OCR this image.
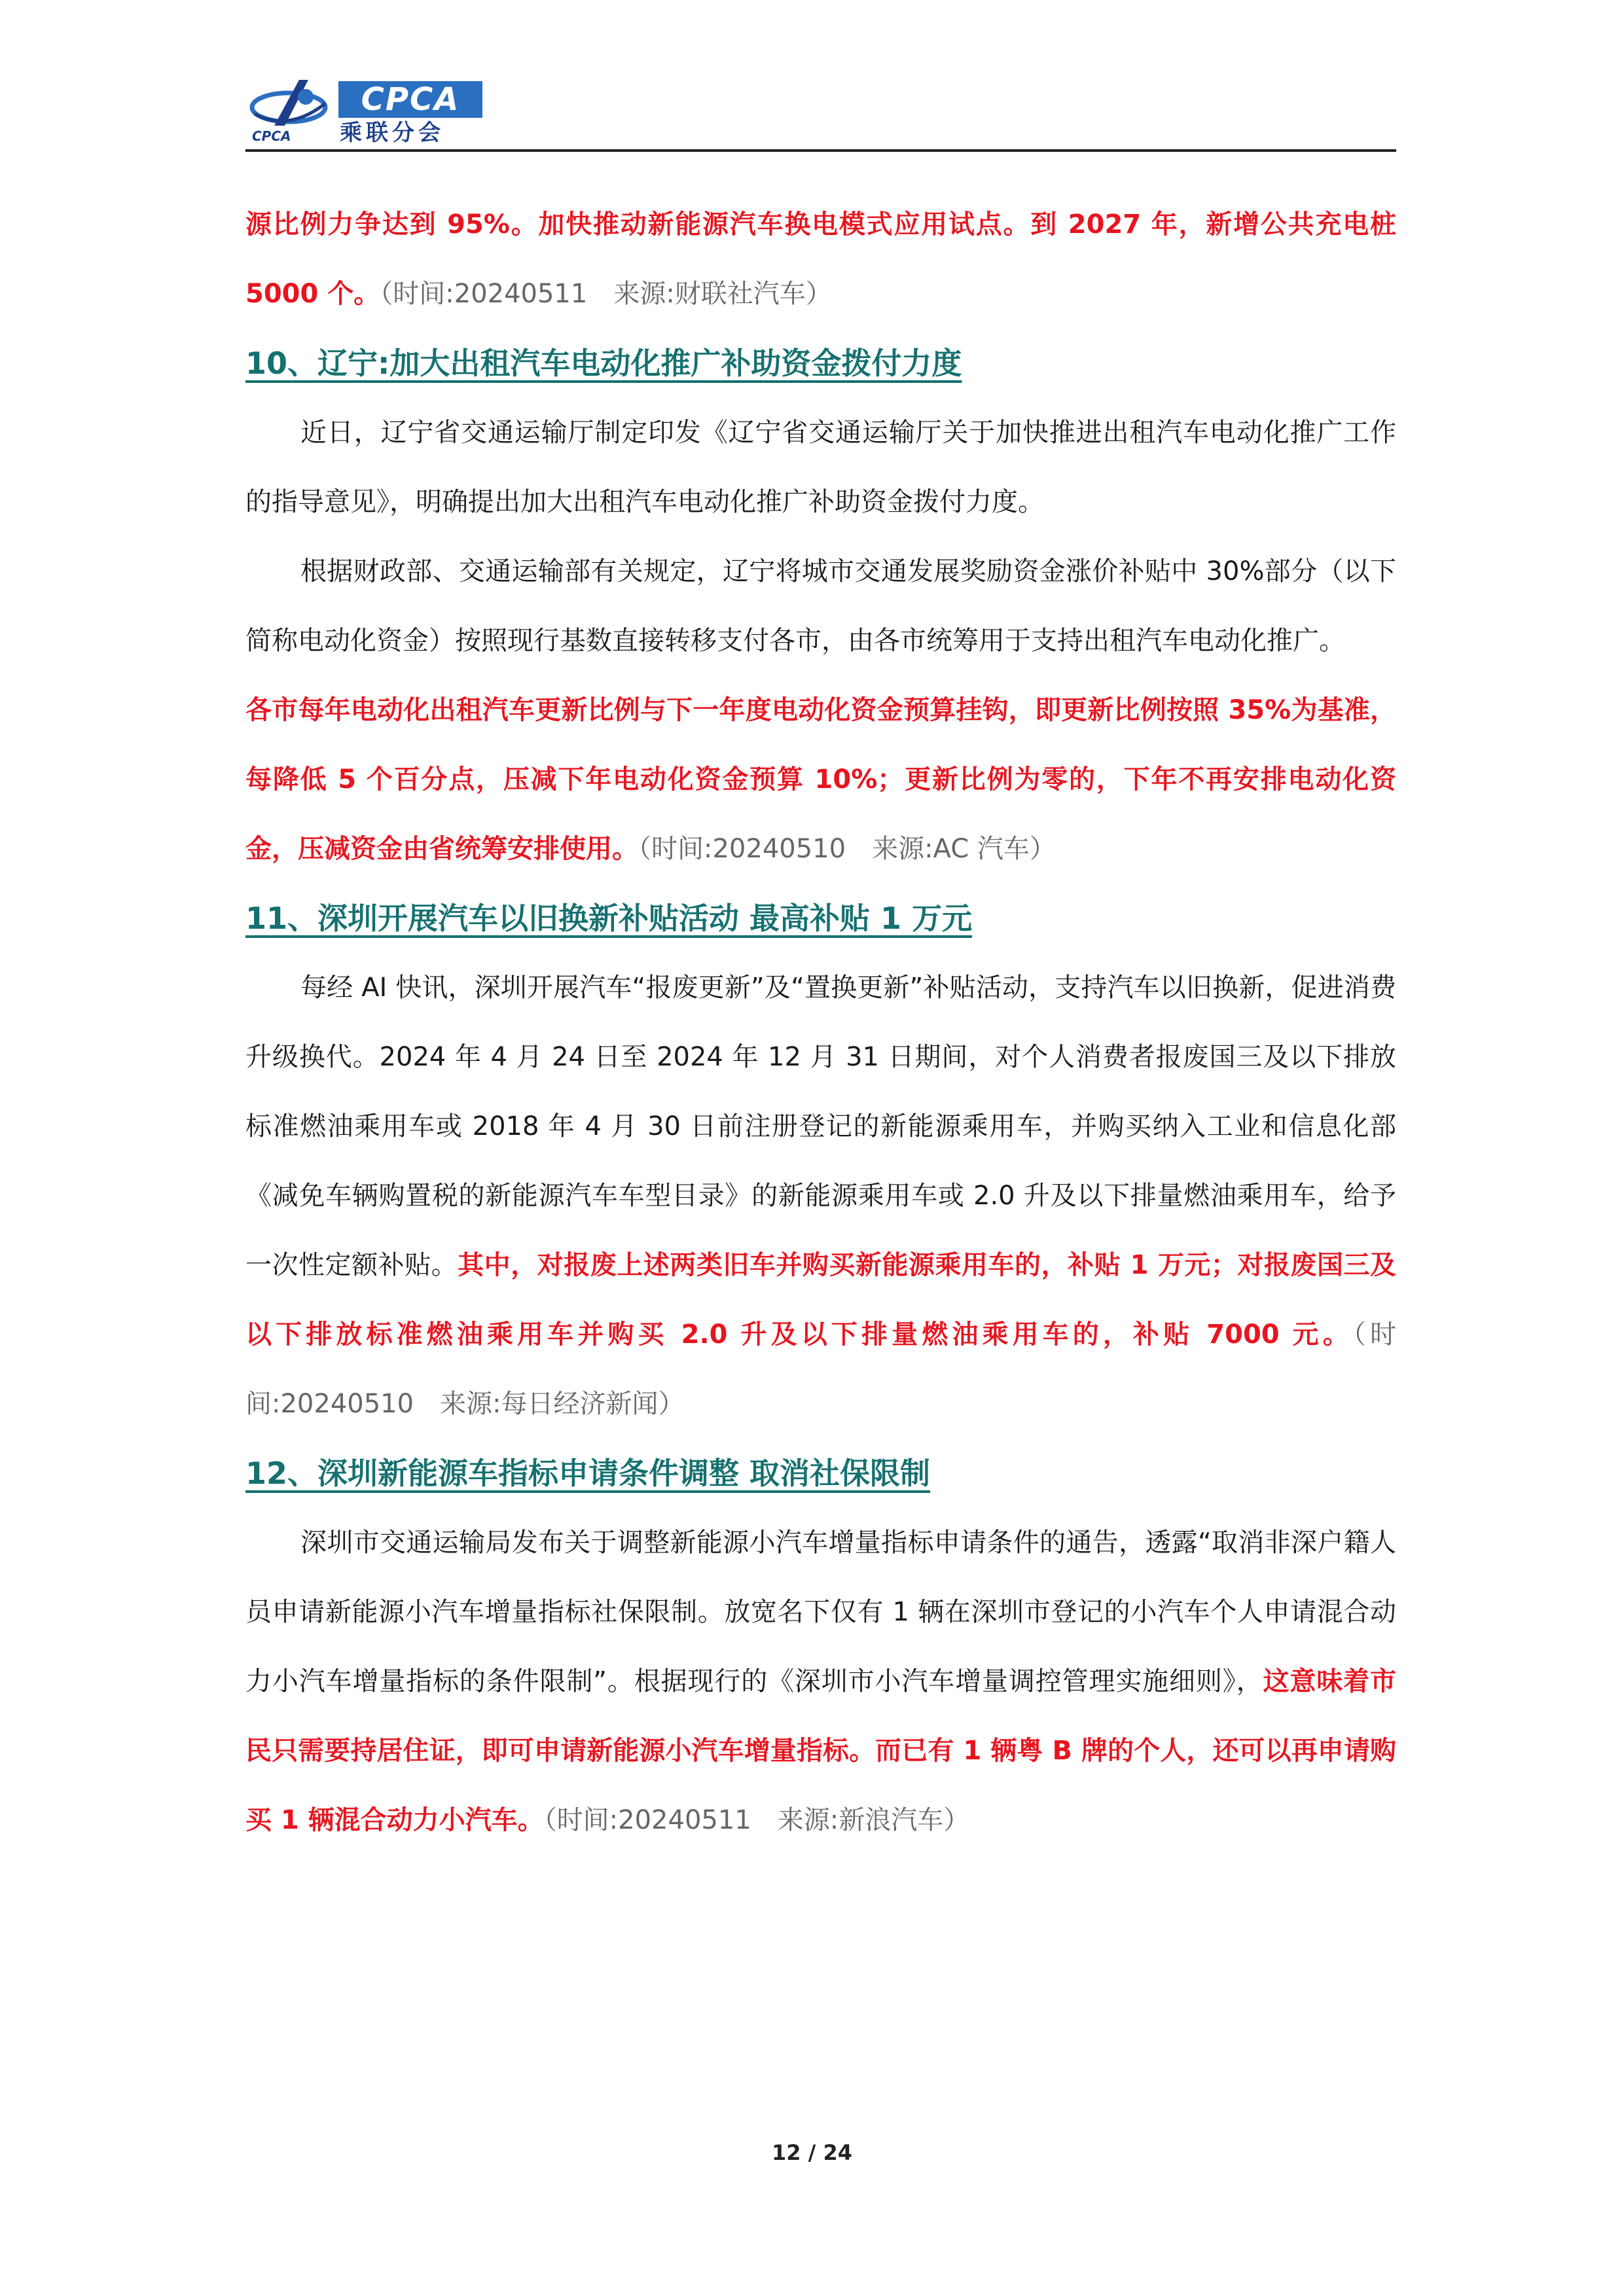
CPCA
乘联分会
CPCA

源比例力争达到 95%。加快推动新能源汽车换电模式应用试点。到 2027 年，新增公共充电桩 5000 个。（时间:20240511　来源:财联社汽车）

10、辽宁:加大出租汽车电动化推广补助资金拨付力度

近日，辽宁省交通运输厅制定印发《辽宁省交通运输厅关于加快推进出租汽车电动化推广工作的指导意见》，明确提出加大出租汽车电动化推广补助资金拨付力度。

根据财政部、交通运输部有关规定，辽宁将城市交通发展奖励资金涨价补贴中 30%部分（以下简称电动化资金）按照现行基数直接转移支付各市，由各市统筹用于支持出租汽车电动化推广。

各市每年电动化出租汽车更新比例与下一年度电动化资金预算挂钩，即更新比例按照 35%为基准，每降低 5 个百分点，压减下年电动化资金预算 10%；更新比例为零的，下年不再安排电动化资金，压减资金由省统筹安排使用。（时间:20240510　来源:AC 汽车）

11、深圳开展汽车以旧换新补贴活动 最高补贴 1 万元

每经 AI 快讯，深圳开展汽车“报废更新”及“置换更新”补贴活动，支持汽车以旧换新，促进消费升级换代。2024 年 4 月 24 日至 2024 年 12 月 31 日期间，对个人消费者报废国三及以下排放标准燃油乘用车或 2018 年 4 月 30 日前注册登记的新能源乘用车，并购买纳入工业和信息化部《减免车辆购置税的新能源汽车车型目录》的新能源乘用车或 2.0 升及以下排量燃油乘用车，给予一次性定额补贴。其中，对报废上述两类旧车并购买新能源乘用车的，补贴 1 万元；对报废国三及以下排放标准燃油乘用车并购买 2.0 升及以下排量燃油乘用车的，补贴 7000 元。（时间:20240510　来源:每日经济新闻）

12、深圳新能源车指标申请条件调整 取消社保限制

深圳市交通运输局发布关于调整新能源小汽车增量指标申请条件的通告，透露“取消非深户籍人员申请新能源小汽车增量指标社保限制。放宽名下仅有 1 辆在深圳市登记的小汽车个人申请混合动力小汽车增量指标的条件限制”。根据现行的《深圳市小汽车增量调控管理实施细则》，这意味着市民只需要持居住证，即可申请新能源小汽车增量指标。而已有 1 辆粤 B 牌的个人，还可以再申请购买 1 辆混合动力小汽车。（时间:20240511　来源:新浪汽车）

12 / 24
